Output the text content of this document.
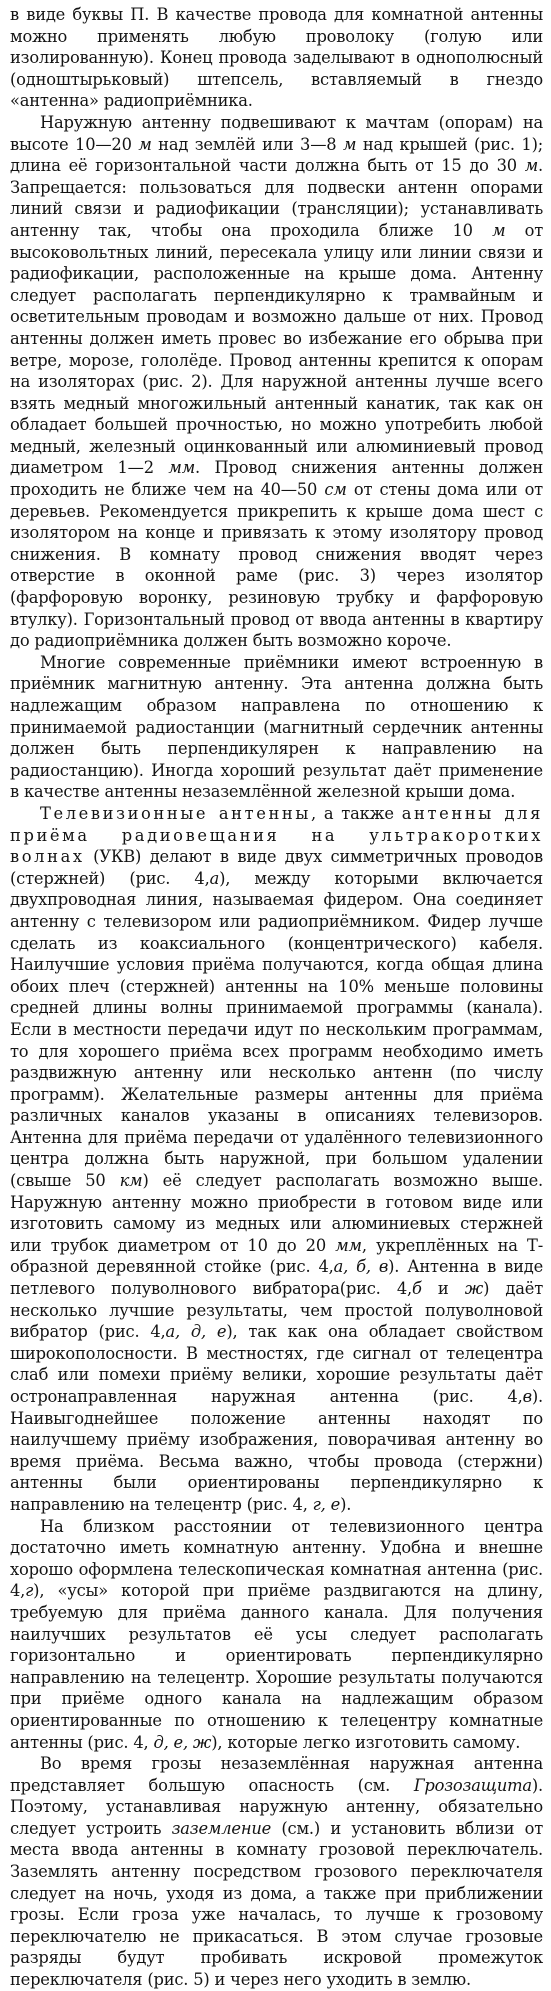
в виде буквы П. В качестве провода для комнатной антенны можно применять любую проволоку (голую или изолированную). Конец провода заделывают в однополюсный (одноштырьковый) штепсель, вставляемый в гнездо «антенна» радиоприёмника.

Наружную антенну подвешивают к мачтам (опорам) на высоте 10—20 м над землёй или 3—8 м над крышей (рис. 1); длина её горизонтальной части должна быть от 15 до 30 м. Запрещается: пользоваться для подвески антенн опорами линий связи и радиофикации (трансляции); устанавливать антенну так, чтобы она проходила ближе 10 м от высоковольтных линий, пересекала улицу или линии связи и радиофикации, расположенные на крыше дома. Антенну следует располагать перпендикулярно к трамвайным и осветительным проводам и возможно дальше от них. Провод антенны должен иметь провес во избежание его обрыва при ветре, морозе, гололёде. Провод антенны крепится к опорам на изоляторах (рис. 2). Для наружной антенны лучше всего взять медный многожильный антенный канатик, так как он обладает большей прочностью, но можно употребить любой медный, железный оцинкованный или алюминиевый провод диаметром 1—2 мм. Провод снижения антенны должен проходить не ближе чем на 40—50 см от стены дома или от деревьев. Рекомендуется прикрепить к крыше дома шест с изолятором на конце и привязать к этому изолятору провод снижения. В комнату провод снижения вводят через отверстие в оконной раме (рис. 3) через изолятор (фарфоровую воронку, резиновую трубку и фарфоровую втулку). Горизонтальный провод от ввода антенны в квартиру до радиоприёмника должен быть возможно короче.

Многие современные приёмники имеют встроенную в приёмник магнитную антенну. Эта антенна должна быть надлежащим образом направлена по отношению к принимаемой радиостанции (магнитный сердечник антенны должен быть перпендикулярен к направлению на радиостанцию). Иногда хороший результат даёт применение в качестве антенны незаземлённой железной крыши дома.

Телевизионные антенны, а также антенны для приёма радиовещания на ультракоротких волнах (УКВ) делают в виде двух симметричных проводов (стержней) (рис. 4,а), между которыми включается двухпроводная линия, называемая фидером. Она соединяет антенну с телевизором или радиоприёмником. Фидер лучше сделать из коаксиального (концентрического) кабеля. Наилучшие условия приёма получаются, когда общая длина обоих плеч (стержней) антенны на 10% меньше половины средней длины волны принимаемой программы (канала). Если в местности передачи идут по нескольким программам, то для хорошего приёма всех программ необходимо иметь раздвижную антенну или несколько антенн (по числу программ). Желательные размеры антенны для приёма различных каналов указаны в описаниях телевизоров. Антенна для приёма передачи от удалённого телевизионного центра должна быть наружной, при большом удалении (свыше 50 км) её следует располагать возможно выше. Наружную антенну можно приобрести в готовом виде или изготовить самому из медных или алюминиевых стержней или трубок диаметром от 10 до 20 мм, укреплённых на Т-образной деревянной стойке (рис. 4,а, б, в). Антенна в виде петлевого полуволнового вибратора(рис. 4,б и ж) даёт несколько лучшие результаты, чем простой полуволновой вибратор (рис. 4,а, д, е), так как она обладает свойством широкополосности. В местностях, где сигнал от телецентра слаб или помехи приёму велики, хорошие результаты даёт остронаправленная наружная антенна (рис. 4,в). Наивыгоднейшее положение антенны находят по наилучшему приёму изображения, поворачивая антенну во время приёма. Весьма важно, чтобы провода (стержни) антенны были ориентированы перпендикулярно к направлению на телецентр (рис. 4, г, е).

На близком расстоянии от телевизионного центра достаточно иметь комнатную антенну. Удобна и внешне хорошо оформлена телескопическая комнатная антенна (рис. 4,г), «усы» которой при приёме раздвигаются на длину, требуемую для приёма данного канала. Для получения наилучших результатов её усы следует располагать горизонтально и ориентировать перпендикулярно направлению на телецентр. Хорошие результаты получаются при приёме одного канала на надлежащим образом ориентированные по отношению к телецентру комнатные антенны (рис. 4, д, е, ж), которые легко изготовить самому.

Во время грозы незаземлённая наружная антенна представляет большую опасность (см. Грозозащита). Поэтому, устанавливая наружную антенну, обязательно следует устроить заземление (см.) и установить вблизи от места ввода антенны в комнату грозовой переключатель. Заземлять антенну посредством грозового переключателя следует на ночь, уходя из дома, а также при приближении грозы. Если гроза уже началась, то лучше к грозовому переключателю не прикасаться. В этом случае грозовые разряды будут пробивать искровой промежуток переключателя (рис. 5) и через него уходить в землю.
